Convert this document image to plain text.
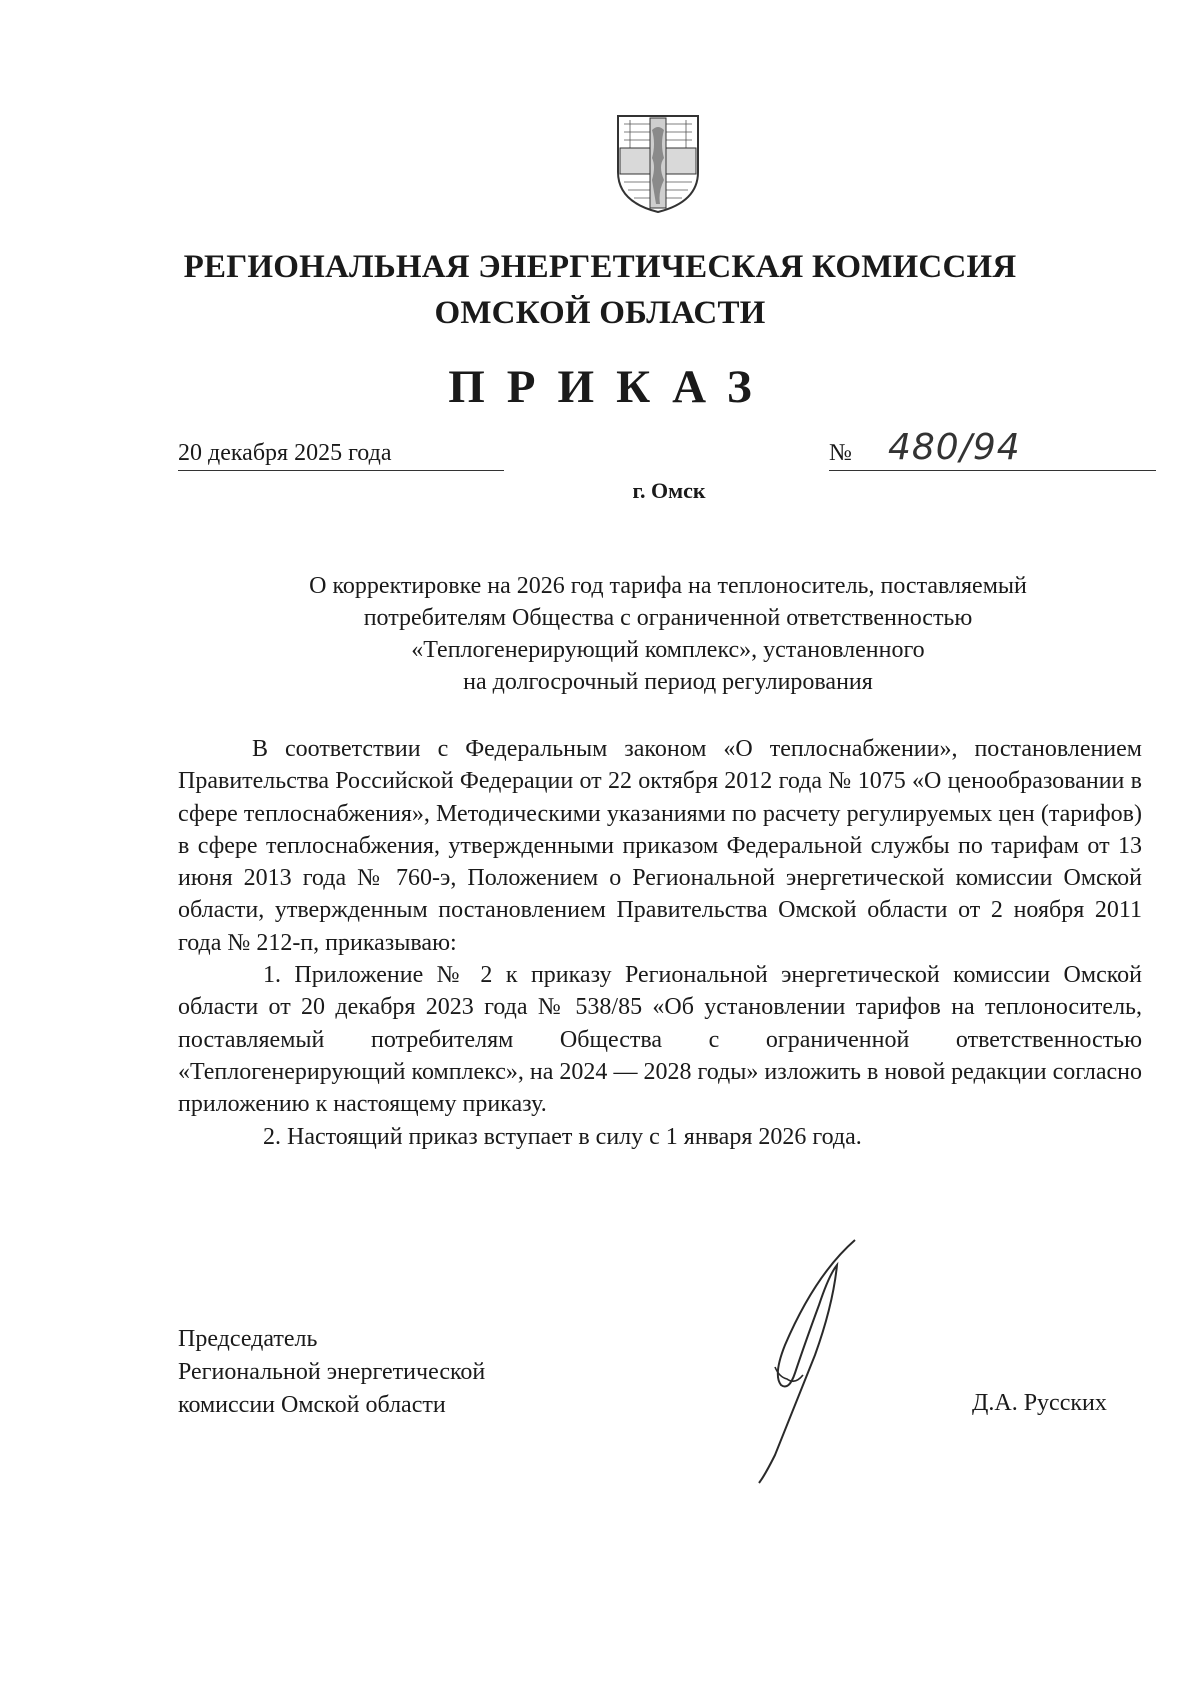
РЕГИОНАЛЬНАЯ ЭНЕРГЕТИЧЕСКАЯ КОМИССИЯ
ОМСКОЙ ОБЛАСТИ
ПРИКАЗ
20 декабря 2025 года	№ 480/94
г. Омск
О корректировке на 2026 год тарифа на теплоноситель, поставляемый
потребителям Общества с ограниченной ответственностью
«Теплогенерирующий комплекс», установленного
на долгосрочный период регулирования

В соответствии с Федеральным законом «О теплоснабжении», постановлением Правительства Российской Федерации от 22 октября 2012 года № 1075 «О ценообразовании в сфере теплоснабжения», Методическими указаниями по расчету регулируемых цен (тарифов) в сфере теплоснабжения, утвержденными приказом Федеральной службы по тарифам от 13 июня 2013 года № 760-э, Положением о Региональной энергетической комиссии Омской области, утвержденным постановлением Правительства Омской области от 2 ноября 2011 года № 212-п, приказываю:

1. Приложение № 2 к приказу Региональной энергетической комиссии Омской области от 20 декабря 2023 года № 538/85 «Об установлении тарифов на теплоноситель, поставляемый потребителям Общества с ограниченной ответственностью «Теплогенерирующий комплекс», на 2024 — 2028 годы» изложить в новой редакции согласно приложению к настоящему приказу.

2. Настоящий приказ вступает в силу с 1 января 2026 года.

Председатель
Региональной энергетической
комиссии Омской области	Д.А. Русских
